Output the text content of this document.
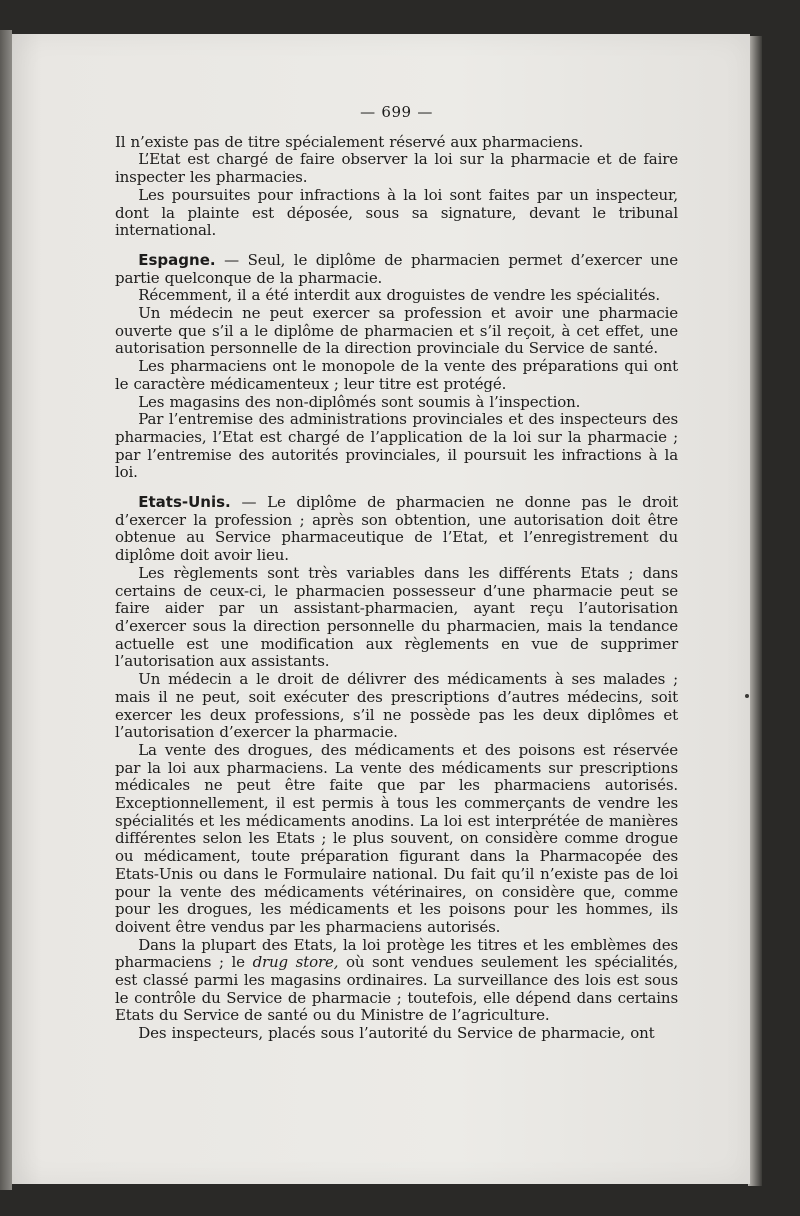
— 699 —

Il n’existe pas de titre spécialement réservé aux pharmaciens.

L’Etat est chargé de faire observer la loi sur la pharmacie et de faire inspecter les pharmacies.

Les poursuites pour infractions à la loi sont faites par un inspecteur, dont la plainte est déposée, sous sa signature, devant le tribunal international.

Espagne. — Seul, le diplôme de pharmacien permet d’exercer une partie quelconque de la pharmacie.

Récemment, il a été interdit aux droguistes de vendre les spécialités.

Un médecin ne peut exercer sa profession et avoir une pharmacie ouverte que s’il a le diplôme de pharmacien et s’il reçoit, à cet effet, une autorisation personnelle de la direction provinciale du Service de santé.

Les pharmaciens ont le monopole de la vente des préparations qui ont le caractère médicamenteux ; leur titre est protégé.

Les magasins des non-diplômés sont soumis à l’inspection.

Par l’entremise des administrations provinciales et des inspecteurs des pharmacies, l’Etat est chargé de l’application de la loi sur la pharmacie ; par l’entremise des autorités provinciales, il poursuit les infractions à la loi.

Etats-Unis. — Le diplôme de pharmacien ne donne pas le droit d’exercer la profession ; après son obtention, une autorisation doit être obtenue au Service pharmaceutique de l’Etat, et l’enregistrement du diplôme doit avoir lieu.

Les règlements sont très variables dans les différents Etats ; dans certains de ceux-ci, le pharmacien possesseur d’une pharmacie peut se faire aider par un assistant-pharmacien, ayant reçu l’autorisation d’exercer sous la direction personnelle du pharmacien, mais la tendance actuelle est une modification aux règlements en vue de supprimer l’autorisation aux assistants.

Un médecin a le droit de délivrer des médicaments à ses malades ; mais il ne peut, soit exécuter des prescriptions d’autres médecins, soit exercer les deux professions, s’il ne possède pas les deux diplômes et l’autorisation d’exercer la pharmacie.

La vente des drogues, des médicaments et des poisons est réservée par la loi aux pharmaciens. La vente des médicaments sur prescriptions médicales ne peut être faite que par les pharmaciens autorisés. Exceptionnellement, il est permis à tous les commerçants de vendre les spécialités et les médicaments anodins. La loi est interprétée de manières différentes selon les Etats ; le plus souvent, on considère comme drogue ou médicament, toute préparation figurant dans la Pharmacopée des Etats-Unis ou dans le Formulaire national. Du fait qu’il n’existe pas de loi pour la vente des médicaments vétérinaires, on considère que, comme pour les drogues, les médicaments et les poisons pour les hommes, ils doivent être vendus par les pharmaciens autorisés.

Dans la plupart des Etats, la loi protège les titres et les emblèmes des pharmaciens ; le drug store, où sont vendues seulement les spécialités, est classé parmi les magasins ordinaires. La surveillance des lois est sous le contrôle du Service de pharmacie ; toutefois, elle dépend dans certains Etats du Service de santé ou du Ministre de l’agriculture.

Des inspecteurs, placés sous l’autorité du Service de pharmacie, ont
